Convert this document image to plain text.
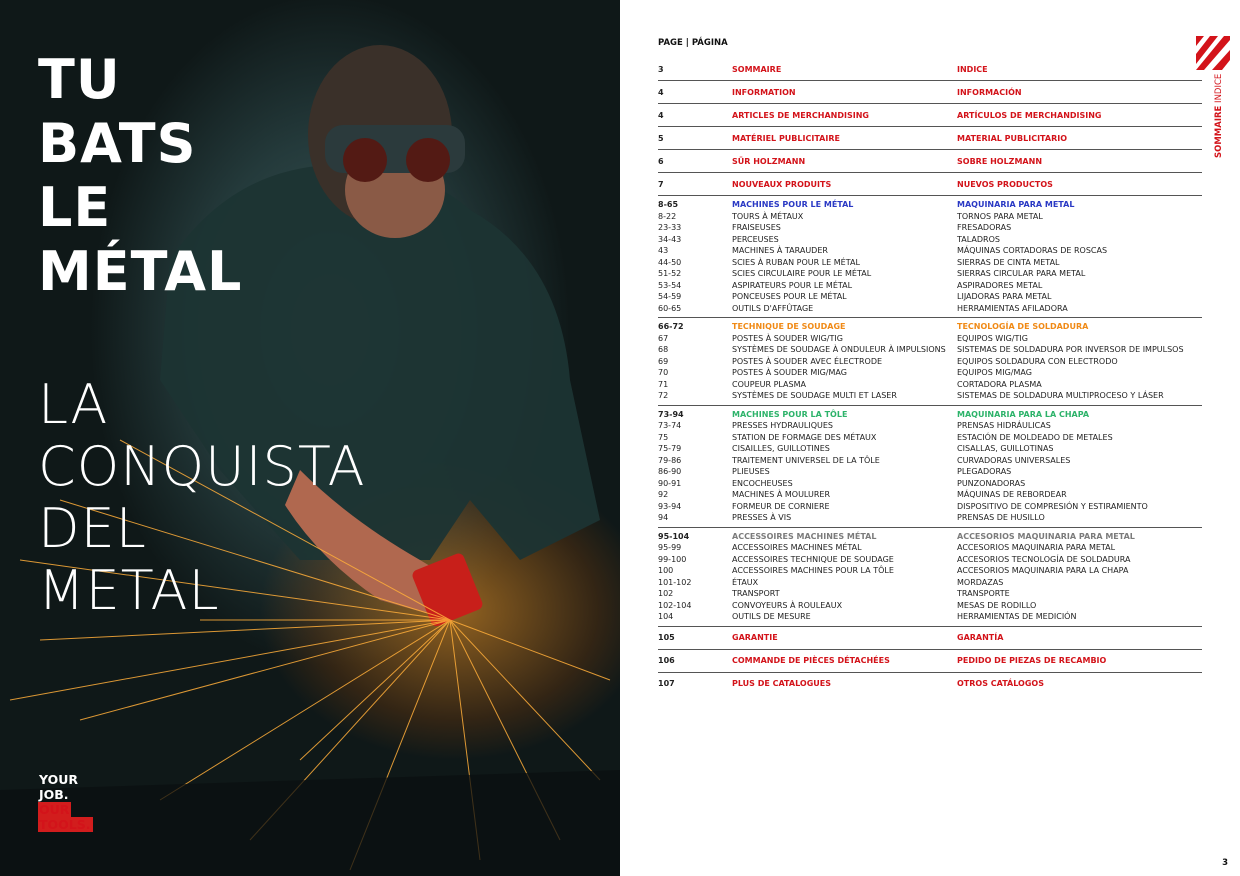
TU
BATS
LE
MÉTAL
LA
CONQUISTA
DEL
METAL
YOUR
JOB.
OUR
TOOLS.
PAGE | PÁGINA
SOMMAIRE INDICE
3	SOMMAIRE	INDICE
4	INFORMATION	INFORMACIÓN
4	ARTICLES DE MERCHANDISING	ARTÍCULOS DE MERCHANDISING
5	MATÉRIEL PUBLICITAIRE	MATERIAL PUBLICITARIO
6	SÜR HOLZMANN	SOBRE HOLZMANN
7	NOUVEAUX PRODUITS	NUEVOS PRODUCTOS
8-65	MACHINES POUR LE MÉTAL	MAQUINARIA PARA METAL
8-22	TOURS À MÉTAUX	TORNOS PARA METAL
23-33	FRAISEUSES	FRESADORAS
34-43	PERCEUSES	TALADROS
43	MACHINES À TARAUDER	MÁQUINAS CORTADORAS DE ROSCAS
44-50	SCIES À RUBAN POUR LE MÉTAL	SIERRAS DE CINTA METAL
51-52	SCIES CIRCULAIRE POUR LE MÉTAL	SIERRAS CIRCULAR PARA METAL
53-54	ASPIRATEURS POUR LE MÉTAL	ASPIRADORES METAL
54-59	PONCEUSES POUR LE MÉTAL	LIJADORAS PARA METAL
60-65	OUTILS D'AFFÛTAGE	HERRAMIENTAS AFILADORA
66-72	TECHNIQUE DE SOUDAGE	TECNOLOGÍA DE SOLDADURA
67	POSTES À SOUDER WIG/TIG	EQUIPOS WIG/TIG
68	SYSTÈMES DE SOUDAGE À ONDULEUR À IMPULSIONS	SISTEMAS DE SOLDADURA POR INVERSOR DE IMPULSOS
69	POSTES À SOUDER AVEC ÉLECTRODE	EQUIPOS SOLDADURA CON ELECTRODO
70	POSTES À SOUDER MIG/MAG	EQUIPOS MIG/MAG
71	COUPEUR PLASMA	CORTADORA PLASMA
72	SYSTÈMES DE SOUDAGE MULTI ET LASER	SISTEMAS DE SOLDADURA MULTIPROCESO Y LÁSER
73-94	MACHINES POUR LA TÔLE	MAQUINARIA PARA LA CHAPA
73-74	PRESSES HYDRAULIQUES	PRENSAS HIDRÁULICAS
75	STATION DE FORMAGE DES MÉTAUX	ESTACIÓN DE MOLDEADO DE METALES
75-79	CISAILLES, GUILLOTINES	CISALLAS, GUILLOTINAS
79-86	TRAITEMENT UNIVERSEL DE LA TÔLE	CURVADORAS UNIVERSALES
86-90	PLIEUSES	PLEGADORAS
90-91	ENCOCHEUSES	PUNZONADORAS
92	MACHINES À MOULURER	MÁQUINAS DE REBORDEAR
93-94	FORMEUR DE CORNIERE	DISPOSITIVO DE COMPRESIÓN Y ESTIRAMIENTO
94	PRESSES À VIS	PRENSAS DE HUSILLO
95-104	ACCESSOIRES MACHINES MÉTAL	ACCESORIOS MAQUINARIA PARA METAL
95-99	ACCESSOIRES MACHINES MÉTAL	ACCESORIOS MAQUINARIA PARA METAL
99-100	ACCESSOIRES TECHNIQUE DE SOUDAGE	ACCESORIOS TECNOLOGÍA DE SOLDADURA
100	ACCESSOIRES MACHINES POUR LA TÔLE	ACCESORIOS MAQUINARIA PARA LA CHAPA
101-102	ÉTAUX	MORDAZAS
102	TRANSPORT	TRANSPORTE
102-104	CONVOYEURS À ROULEAUX	MESAS DE RODILLO
104	OUTILS DE MESURE	HERRAMIENTAS DE MEDICIÓN
105	GARANTIE	GARANTÍA
106	COMMANDE DE PIÈCES DÉTACHÉES	PEDIDO DE PIEZAS DE RECAMBIO
107	PLUS DE CATALOGUES	OTROS CATÁLOGOS
3
